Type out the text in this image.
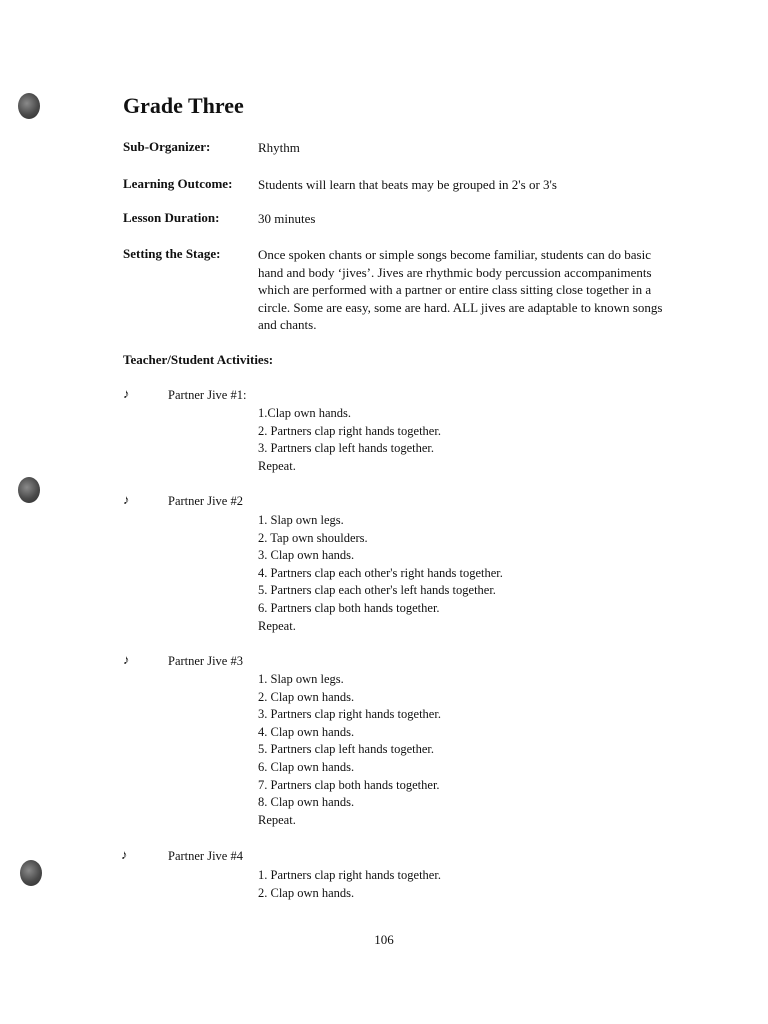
Grade Three
Sub-Organizer:	Rhythm
Learning Outcome: Students will learn that beats may be grouped in 2's or 3's
Lesson Duration:	30 minutes
Setting the Stage:	Once spoken chants or simple songs become familiar, students can do basic hand and body ‘jives’. Jives are rhythmic body percussion accompaniments which are performed with a partner or entire class sitting close together in a circle. Some are easy, some are hard. ALL jives are adaptable to known songs and chants.
Teacher/Student Activities:
♪	Partner Jive #1:
1.Clap own hands.
2. Partners clap right hands together.
3. Partners clap left hands together.
Repeat.
♪	Partner Jive #2
1. Slap own legs.
2. Tap own shoulders.
3. Clap own hands.
4. Partners clap each other's right hands together.
5. Partners clap each other's left hands together.
6. Partners clap both hands together.
Repeat.
♪	Partner Jive #3
1. Slap own legs.
2. Clap own hands.
3. Partners clap right hands together.
4. Clap own hands.
5. Partners clap left hands together.
6. Clap own hands.
7. Partners clap both hands together.
8. Clap own hands.
Repeat.
♪	Partner Jive #4
1. Partners clap right hands together.
2. Clap own hands.
106
